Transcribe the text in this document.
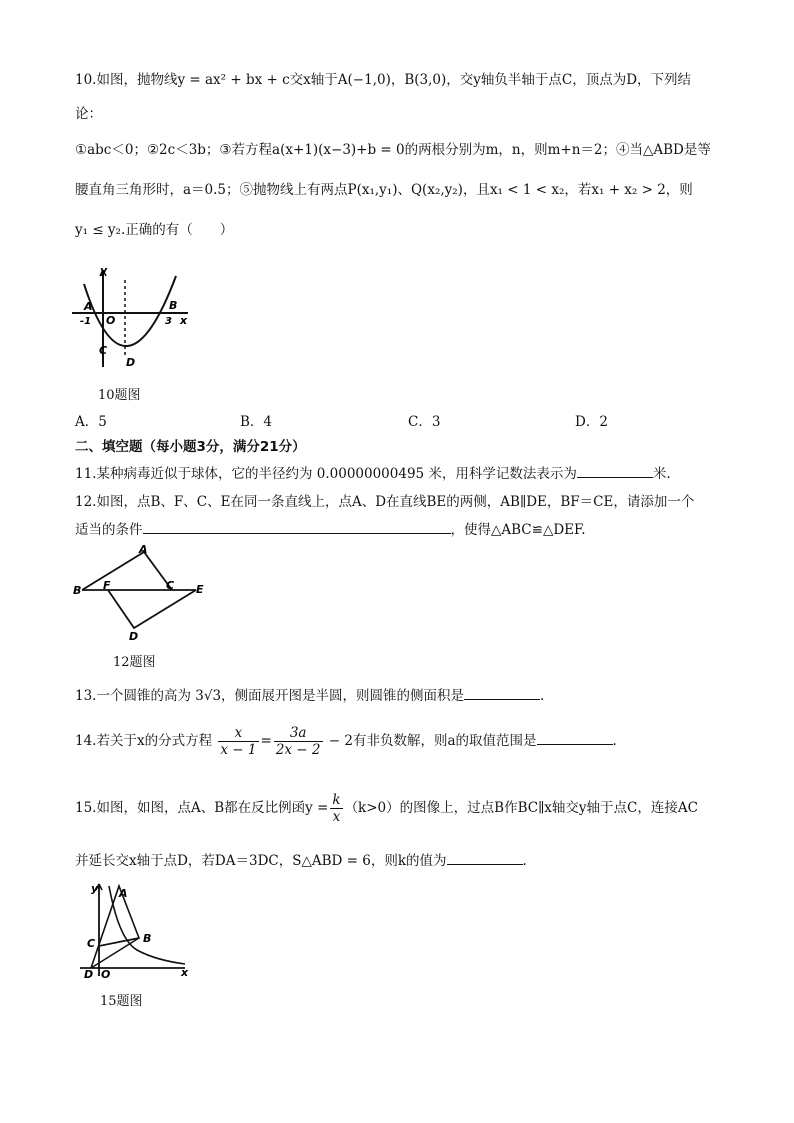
10.如图，抛物线y = ax² + bx + c交x轴于A(−1,0)，B(3,0)，交y轴负半轴于点C，顶点为D，下列结
论：
①abc＜0；②2c＜3b；③若方程a(x+1)(x−3)+b = 0的两根分别为m，n，则m+n＝2；④当△ABD是等
腰直角三角形时，a＝0.5；⑤抛物线上有两点P(x₁,y₁)、Q(x₂,y₂)，且x₁ < 1 < x₂，若x₁ + x₂ > 2，则
y₁ ≤ y₂.正确的有（　　）
y
x
A
-1 O
B
3
C
D
10题图
A．5	B．4	C．3	D．2
二、填空题（每小题3分，满分21分）
11.某种病毒近似于球体，它的半径约为 0.00000000495 米，用科学记数法表示为	米.
12.如图，点B、F、C、E在同一条直线上，点A、D在直线BE的两侧，AB∥DE，BF＝CE，请添加一个
适当的条件	，使得△ABC≌△DEF.
A
B F	C E
D
12题图
13.一个圆锥的高为 3√3，侧面展开图是半圆，则圆锥的侧面积是	.
14.若关于x的分式方程 $\frac{x}{x - 1} = \frac{3a}{2x - 2} - 2$有非负数解，则a的取值范围是	.
15.如图，如图，点A、B都在反比例函$y = \frac{k}{x} (k>0)$的图像上，过点B作BC∥x轴交y轴于点C，连接AC
并延长交x轴于点D，若DA＝3DC，S△ABD = 6，则k的值为	.
y A
C	B
D O	x
15题图
